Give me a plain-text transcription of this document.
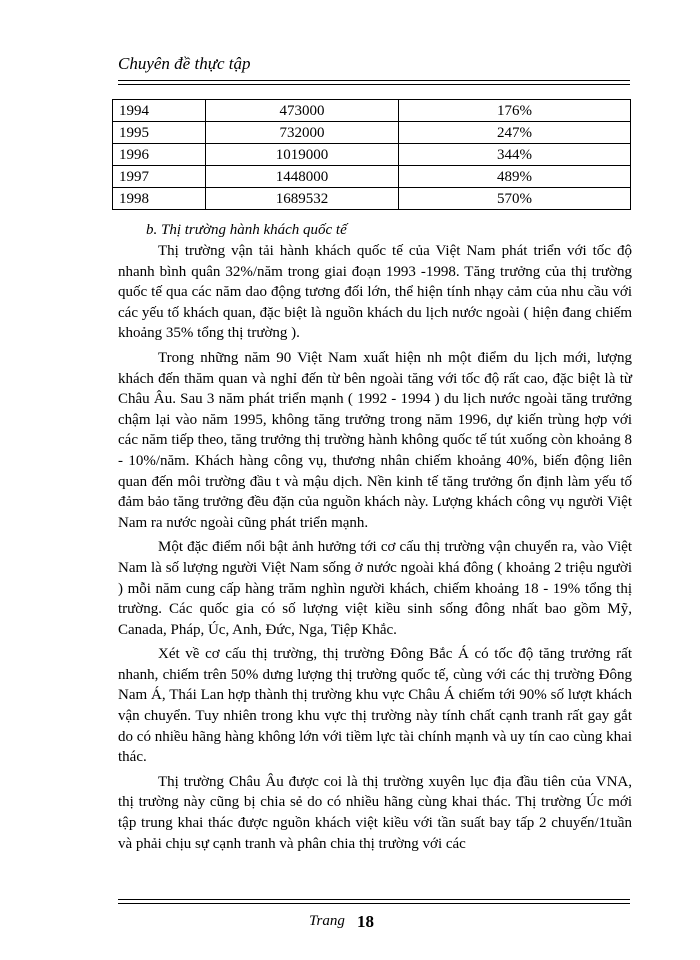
Chuyên đề thực tập
1994	473000	176%
1995	732000	247%
1996	1019000	344%
1997	1448000	489%
1998	1689532	570%
b. Thị trường hành khách quốc tế

Thị trường vận tải hành khách quốc tế của Việt Nam phát triển với tốc độ nhanh bình quân 32%/năm trong giai đoạn 1993 -1998. Tăng trưởng của thị trường quốc tế qua các năm dao động tương đối lớn, thể hiện tính nhạy cảm của nhu cầu với các yếu tố khách quan, đặc biệt là nguồn khách du lịch nước ngoài ( hiện đang chiếm khoảng 35% tổng thị trường ).

Trong những năm 90 Việt Nam xuất hiện nh một điểm du lịch mới, lượng khách đến thăm quan và nghỉ đến từ bên ngoài tăng với tốc độ rất cao, đặc biệt là từ Châu Âu. Sau 3 năm phát triển mạnh ( 1992 - 1994 ) du lịch nước ngoài tăng trưởng chậm lại vào năm 1995, không tăng trưởng trong năm 1996, dự kiến trùng hợp với các năm tiếp theo, tăng trưởng thị trường hành không quốc tế tút xuống còn khoảng 8 - 10%/năm. Khách hàng công vụ, thương nhân chiếm khoảng 40%, biến động liên quan đến môi trường đầu t và mậu dịch. Nền kinh tế tăng trưởng ổn định làm yếu tố đảm bảo tăng trưởng đều đặn của nguồn khách này. Lượng khách công vụ người Việt Nam ra nước ngoài cũng phát triển mạnh.

Một đặc điểm nổi bật ảnh hưởng tới cơ cấu thị trường vận chuyển ra, vào Việt Nam là số lượng người Việt Nam sống ở nước ngoài khá đông ( khoảng 2 triệu người ) mỗi năm cung cấp hàng trăm nghìn người khách, chiếm khoảng 18 - 19% tổng thị trường. Các quốc gia có số lượng việt kiều sinh sống đông nhất bao gồm Mỹ, Canada, Pháp, Úc, Anh, Đức, Nga, Tiệp Khắc.

Xét về cơ cấu thị trường, thị trường Đông Bắc Á có tốc độ tăng trưởng rất nhanh, chiếm trên 50% dưng lượng thị trường quốc tế, cùng với các thị trường Đông Nam Á, Thái Lan hợp thành thị trường khu vực Châu Á chiếm tới 90% số lượt khách vận chuyển. Tuy nhiên trong khu vực thị trường này tính chất cạnh tranh rất gay gắt do có nhiều hãng hàng không lớn với tiềm lực tài chính mạnh và uy tín cao cùng khai thác.

Thị trường Châu Âu được coi là thị trường xuyên lục địa đầu tiên của VNA, thị trường này cũng bị chia sẻ do có nhiều hãng cùng khai thác. Thị trường Úc mới tập trung khai thác được nguồn khách việt kiều với tần suất bay tấp 2 chuyến/1tuần và phải chịu sự cạnh tranh và phân chia thị trường với các

Trang 18
